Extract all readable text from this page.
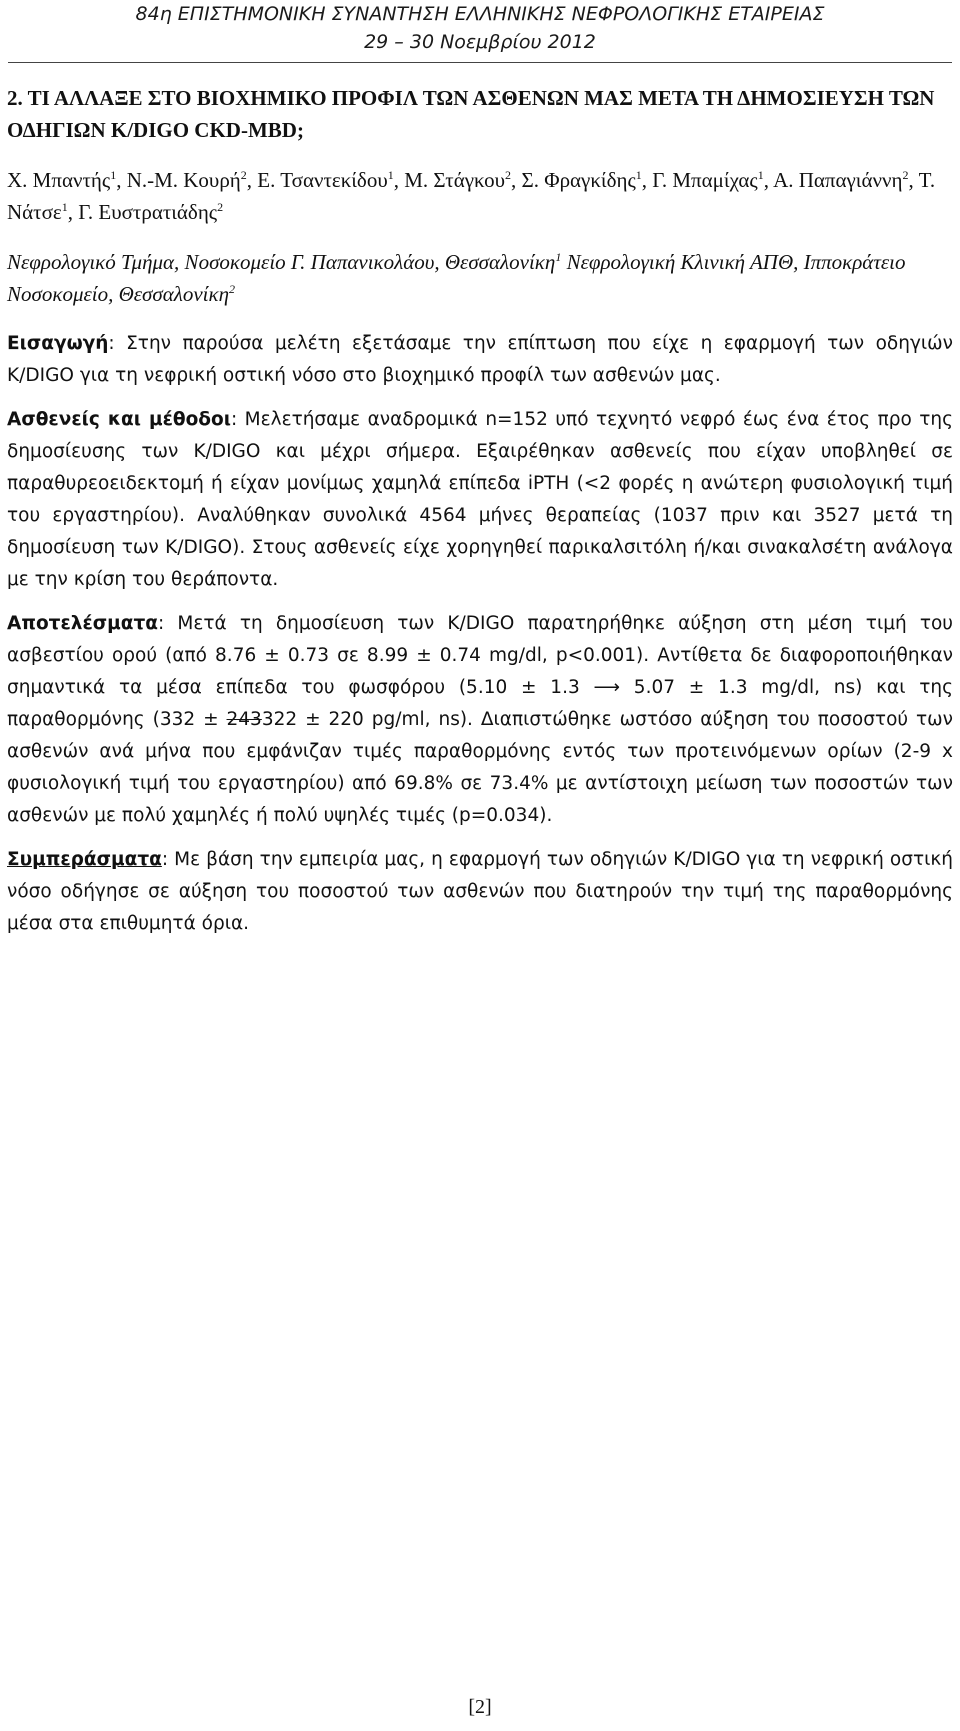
84η ΕΠΙΣΤΗΜΟΝΙΚΗ ΣΥΝΑΝΤΗΣΗ ΕΛΛΗΝΙΚΗΣ ΝΕΦΡΟΛΟΓΙΚΗΣ ΕΤΑΙΡΕΙΑΣ
29 – 30 Νοεμβρίου 2012
2. ΤΙ ΑΛΛΑΞΕ ΣΤΟ ΒΙΟΧΗΜΙΚΟ ΠΡΟΦΙΛ ΤΩΝ ΑΣΘΕΝΩΝ ΜΑΣ ΜΕΤΑ ΤΗ ΔΗΜΟΣΙΕΥΣΗ ΤΩΝ ΟΔΗΓΙΩΝ K/DIGO CKD-MBD;
Χ. Μπαντής$^1$, Ν.-Μ. Κουρή$^2$, Ε. Τσαντεκίδου$^1$, Μ. Στάγκου$^2$, Σ. Φραγκίδης$^1$, Γ. Μπαμίχας$^1$, Α. Παπαγιάννη$^2$, Τ. Νάτσε$^1$, Γ. Ευστρατιάδης$^2$
Νεφρολογικό Τμήμα, Νοσοκομείο Γ. Παπανικολάου, Θεσσαλονίκη$^1$ Νεφρολογική Κλινική ΑΠΘ, Ιπποκράτειο Νοσοκομείο, Θεσσαλονίκη$^2$

Εισαγωγή: Στην παρούσα μελέτη εξετάσαμε την επίπτωση που είχε η εφαρμογή των οδηγιών K/DIGO για τη νεφρική οστική νόσο στο βιοχημικό προφίλ των ασθενών μας.

Ασθενείς και μέθοδοι: Μελετήσαμε αναδρομικά n=152 υπό τεχνητό νεφρό έως ένα έτος προ της δημοσίευσης των K/DIGO και μέχρι σήμερα. Εξαιρέθηκαν ασθενείς που είχαν υποβληθεί σε παραθυρεοειδεκτομή ή είχαν μονίμως χαμηλά επίπεδα iPTH (<2 φορές η ανώτερη φυσιολογική τιμή του εργαστηρίου). Αναλύθηκαν συνολικά 4564 μήνες θεραπείας (1037 πριν και 3527 μετά τη δημοσίευση των K/DIGO). Στους ασθενείς είχε χορηγηθεί παρικαλσιτόλη ή/και σινακαλσέτη ανάλογα με την κρίση του θεράποντα.

Αποτελέσματα: Μετά τη δημοσίευση των K/DIGO παρατηρήθηκε αύξηση στη μέση τιμή του ασβεστίου ορού (από 8.76 ± 0.73 σε 8.99 ± 0.74 mg/dl, p<0.001). Αντίθετα δε διαφοροποιήθηκαν σημαντικά τα μέσα επίπεδα του φωσφόρου (5.10 ± 1.3 ⟶ 5.07 ± 1.3 mg/dl, ns) και της παραθορμόνης (332 ± 243322 ± 220 pg/ml, ns). Διαπιστώθηκε ωστόσο αύξηση του ποσοστού των ασθενών ανά μήνα που εμφάνιζαν τιμές παραθορμόνης εντός των προτεινόμενων ορίων (2-9 x φυσιολογική τιμή του εργαστηρίου) από 69.8% σε 73.4% με αντίστοιχη μείωση των ποσοστών των ασθενών με πολύ χαμηλές ή πολύ υψηλές τιμές (p=0.034).

Συμπεράσματα: Με βάση την εμπειρία μας, η εφαρμογή των οδηγιών K/DIGO για τη νεφρική οστική νόσο οδήγησε σε αύξηση του ποσοστού των ασθενών που διατηρούν την τιμή της παραθορμόνης μέσα στα επιθυμητά όρια.

[2]
